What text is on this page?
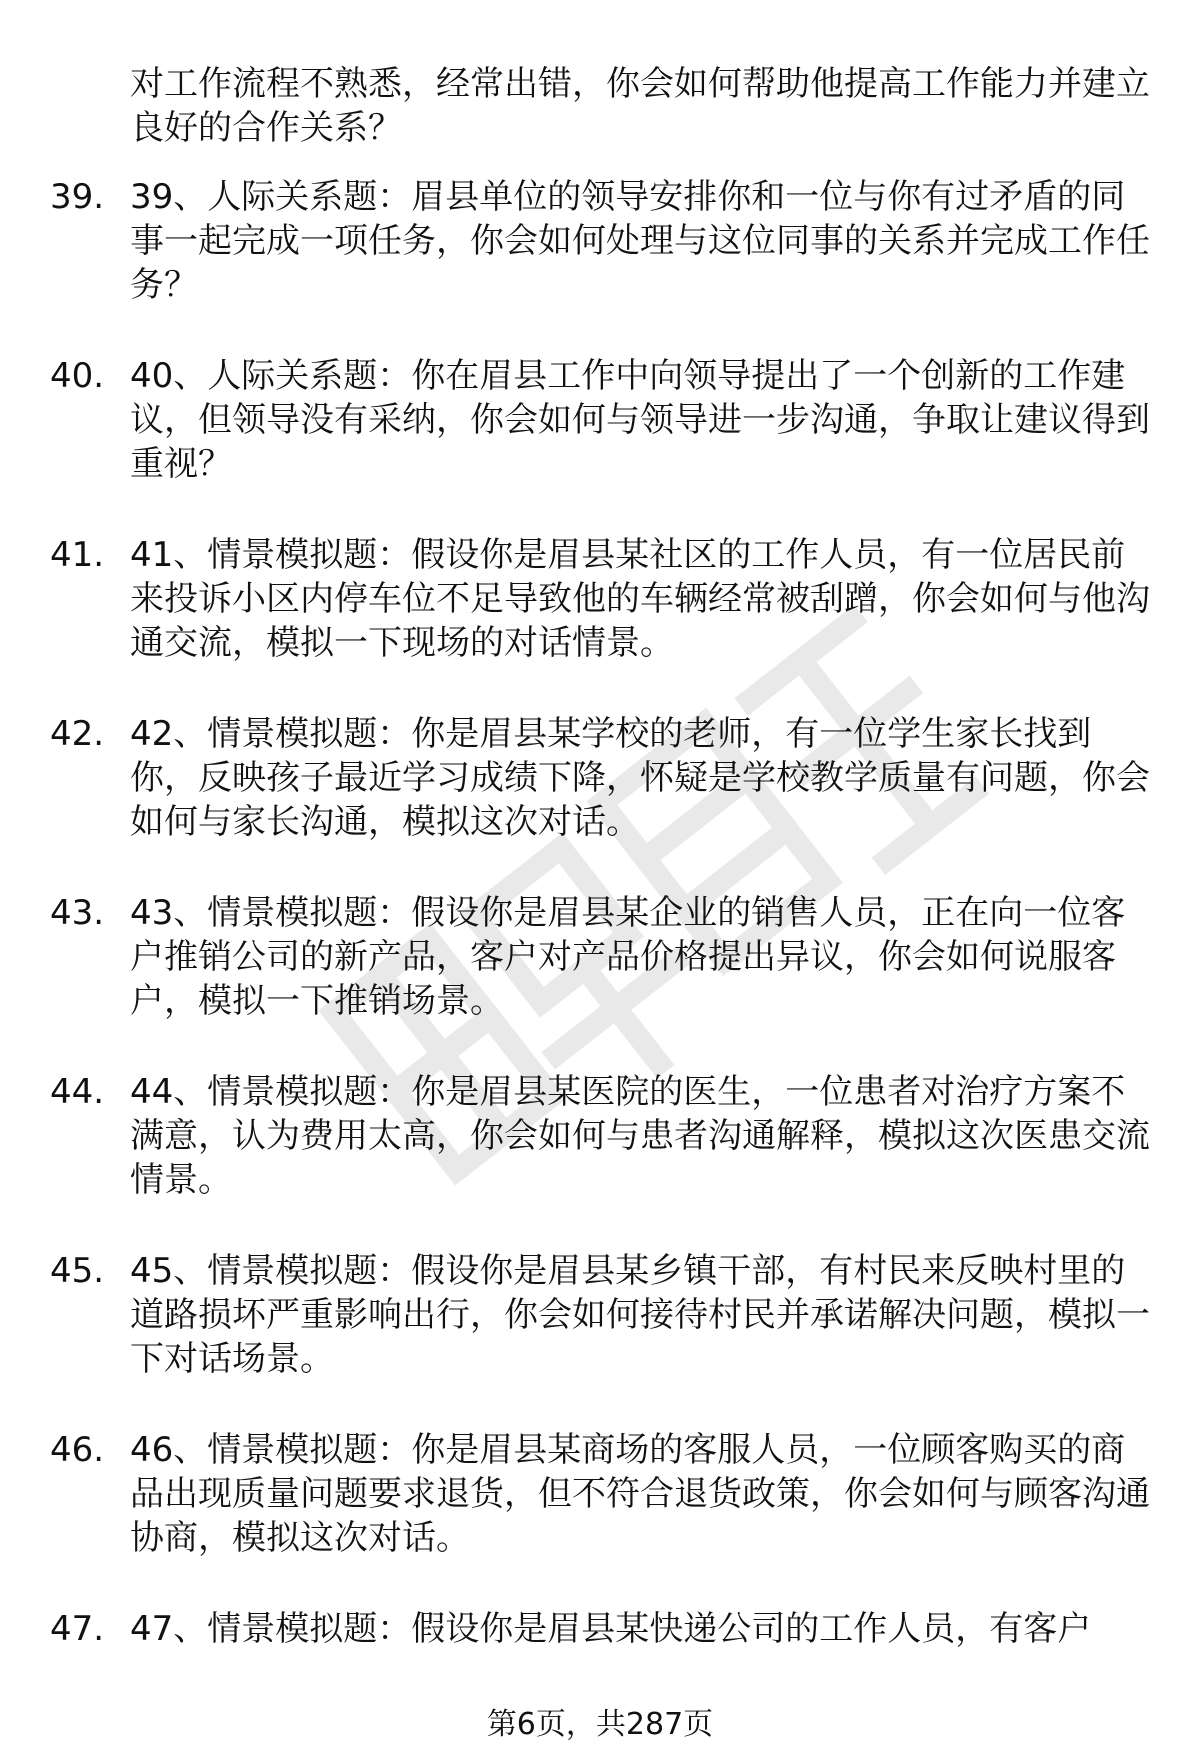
对工作流程不熟悉，经常出错，你会如何帮助他提高工作能力并建立良好的合作关系？
39. 39、人际关系题：眉县单位的领导安排你和一位与你有过矛盾的同事一起完成一项任务，你会如何处理与这位同事的关系并完成工作任务？
40. 40、人际关系题：你在眉县工作中向领导提出了一个创新的工作建议，但领导没有采纳，你会如何与领导进一步沟通，争取让建议得到重视？
41. 41、情景模拟题：假设你是眉县某社区的工作人员，有一位居民前来投诉小区内停车位不足导致他的车辆经常被刮蹭，你会如何与他沟通交流，模拟一下现场的对话情景。
42. 42、情景模拟题：你是眉县某学校的老师，有一位学生家长找到你，反映孩子最近学习成绩下降，怀疑是学校教学质量有问题，你会如何与家长沟通，模拟这次对话。
43. 43、情景模拟题：假设你是眉县某企业的销售人员，正在向一位客户推销公司的新产品，客户对产品价格提出异议，你会如何说服客户，模拟一下推销场景。
44. 44、情景模拟题：你是眉县某医院的医生，一位患者对治疗方案不满意，认为费用太高，你会如何与患者沟通解释，模拟这次医患交流情景。
45. 45、情景模拟题：假设你是眉县某乡镇干部，有村民来反映村里的道路损坏严重影响出行，你会如何接待村民并承诺解决问题，模拟一下对话场景。
46. 46、情景模拟题：你是眉县某商场的客服人员，一位顾客购买的商品出现质量问题要求退货，但不符合退货政策，你会如何与顾客沟通协商，模拟这次对话。
47. 47、情景模拟题：假设你是眉县某快递公司的工作人员，有客户
第6页，共287页
